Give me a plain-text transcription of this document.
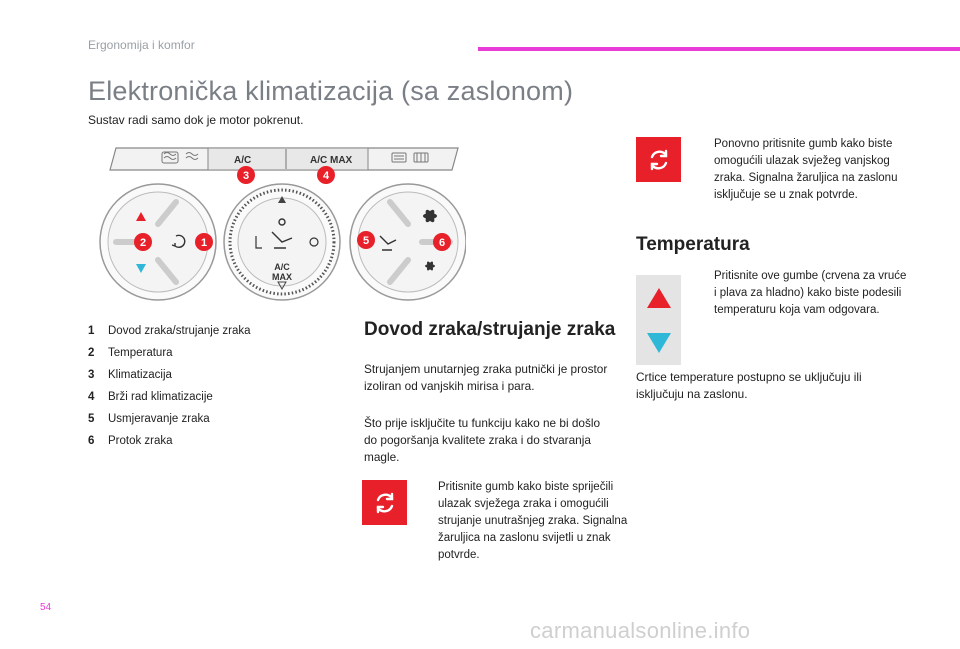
Ergonomija i komfor
Elektronička klimatizacija (sa zaslonom)
Sustav radi samo dok je motor pokrenut.
A/C	A/C MAX
A/C
MAX
1
2
3	4
5	6
1	Dovod zraka/strujanje zraka
2	Temperatura
3	Klimatizacija
4	Brži rad klimatizacije
5	Usmjeravanje zraka
6	Protok zraka
Dovod zraka/strujanje zraka
Strujanjem unutarnjeg zraka putnički je prostor izoliran od vanjskih mirisa i para.
Što prije isključite tu funkciju kako ne bi došlo do pogoršanja kvalitete zraka i do stvaranja magle.
Pritisnite gumb kako biste spriječili ulazak svježega zraka i omogućili strujanje unutrašnjeg zraka. Signalna žaruljica na zaslonu svijetli u znak potvrde.
Ponovno pritisnite gumb kako biste omogućili ulazak svježeg vanjskog zraka. Signalna žaruljica na zaslonu isključuje se u znak potvrde.
Temperatura
Pritisnite ove gumbe (crvena za vruće i plava za hladno) kako biste podesili temperaturu koja vam odgovara.
Crtice temperature postupno se uključuju ili isključuju na zaslonu.
54
carmanualsonline.info
